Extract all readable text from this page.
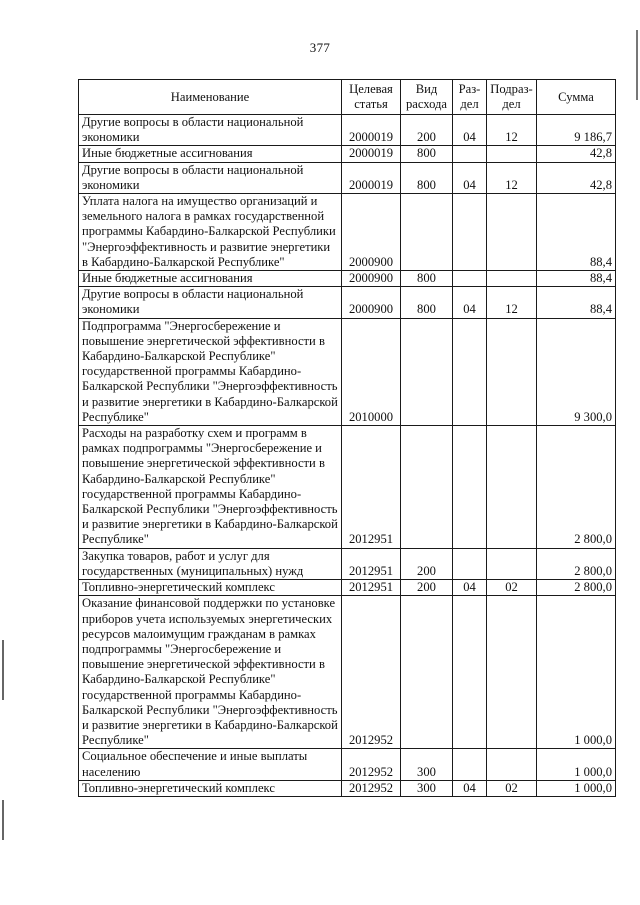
377
Наименование	Целевая статья	Вид расхода	Раз- дел	Подраз- дел	Сумма
Другие вопросы в области национальной экономики	2000019	200	04	12	9 186,7
Иные бюджетные ассигнования	2000019	800			42,8
Другие вопросы в области национальной экономики	2000019	800	04	12	42,8
Уплата налога на имущество организаций и земельного налога в рамках государственной программы Кабардино-Балкарской Республики "Энергоэффективность и развитие энергетики в Кабардино-Балкарской Республике"	2000900				88,4
Иные бюджетные ассигнования	2000900	800			88,4
Другие вопросы в области национальной экономики	2000900	800	04	12	88,4
Подпрограмма "Энергосбережение и повышение энергетической эффективности в Кабардино-Балкарской Республике" государственной программы Кабардино-Балкарской Республики "Энергоэффективность и развитие энергетики в Кабардино-Балкарской Республике"	2010000				9 300,0
Расходы на разработку схем и программ в рамках подпрограммы "Энергосбережение и повышение энергетической эффективности в Кабардино-Балкарской Республике" государственной программы Кабардино-Балкарской Республики "Энергоэффективность и развитие энергетики в Кабардино-Балкарской Республике"	2012951				2 800,0
Закупка товаров, работ и услуг для государственных (муниципальных) нужд	2012951	200			2 800,0
Топливно-энергетический комплекс	2012951	200	04	02	2 800,0
Оказание финансовой поддержки по установке приборов учета используемых энергетических ресурсов малоимущим гражданам в рамках подпрограммы "Энергосбережение и повышение энергетической эффективности в Кабардино-Балкарской Республике" государственной программы Кабардино-Балкарской Республики "Энергоэффективность и развитие энергетики в Кабардино-Балкарской Республике"	2012952				1 000,0
Социальное обеспечение и иные выплаты населению	2012952	300			1 000,0
Топливно-энергетический комплекс	2012952	300	04	02	1 000,0
